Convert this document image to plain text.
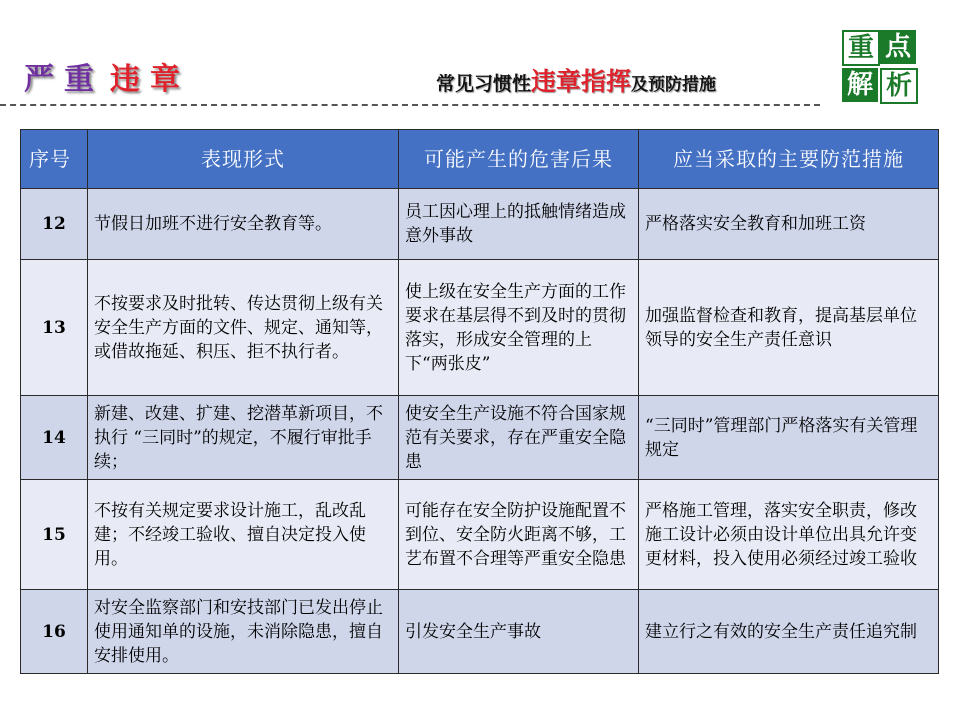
严重 违章	常见习惯性违章指挥及预防措施
重 点
解 析
序号	表现形式	可能产生的危害后果	应当采取的主要防范措施
12	节假日加班不进行安全教育等。	员工因心理上的抵触情绪造成意外事故	严格落实安全教育和加班工资
13	不按要求及时批转、传达贯彻上级有关安全生产方面的文件、规定、通知等，或借故拖延、积压、拒不执行者。	使上级在安全生产方面的工作要求在基层得不到及时的贯彻落实，形成安全管理的上下“两张皮”	加强监督检查和教育，提高基层单位领导的安全生产责任意识
14	新建、改建、扩建、挖潜革新项目，不执行 “三同时”的规定，不履行审批手续；	使安全生产设施不符合国家规范有关要求，存在严重安全隐患	“三同时”管理部门严格落实有关管理规定
15	不按有关规定要求设计施工，乱改乱建；不经竣工验收、擅自决定投入使用。	可能存在安全防护设施配置不到位、安全防火距离不够，工艺布置不合理等严重安全隐患	严格施工管理，落实安全职责，修改施工设计必须由设计单位出具允许变更材料，投入使用必须经过竣工验收
16	对安全监察部门和安技部门已发出停止使用通知单的设施，未消除隐患，擅自安排使用。	引发安全生产事故	建立行之有效的安全生产责任追究制
